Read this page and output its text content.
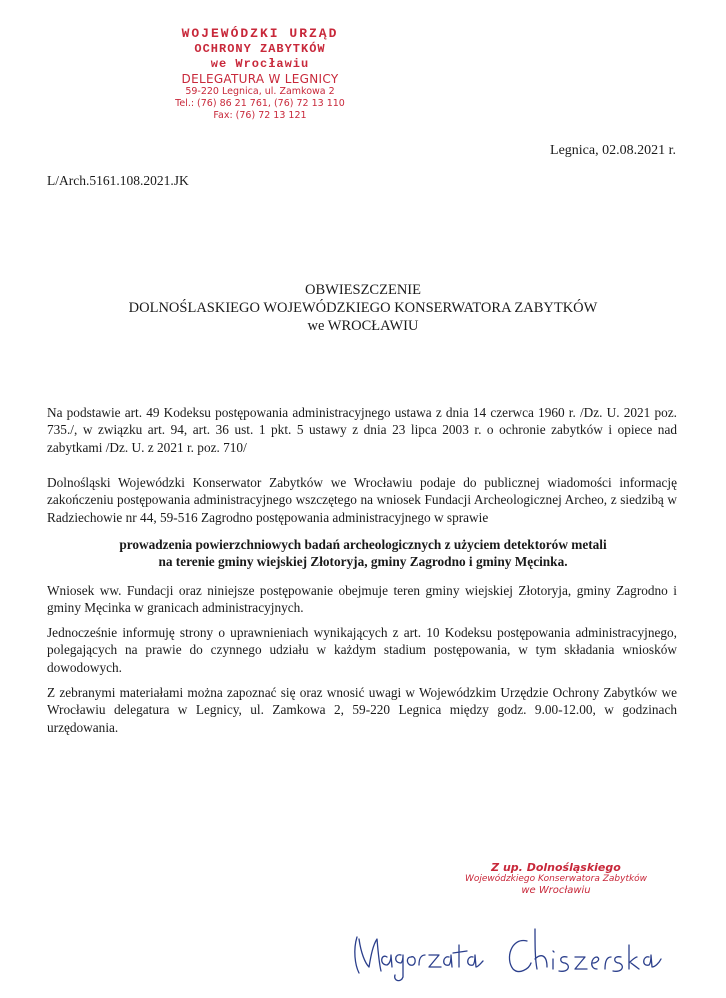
WOJEWÓDZKI URZĄD
OCHRONY ZABYTKÓW
we Wrocławiu
DELEGATURA W LEGNICY
59-220 Legnica, ul. Zamkowa 2
Tel.: (76) 86 21 761, (76) 72 13 110
Fax: (76) 72 13 121
Legnica, 02.08.2021 r.
L/Arch.5161.108.2021.JK
OBWIESZCZENIE
DOLNOŚLASKIEGO WOJEWÓDZKIEGO KONSERWATORA ZABYTKÓW
we WROCŁAWIU
Na podstawie art. 49 Kodeksu postępowania administracyjnego ustawa z dnia 14 czerwca 1960 r. /Dz. U. 2021 poz. 735./, w związku art. 94, art. 36 ust. 1 pkt. 5 ustawy z dnia 23 lipca 2003 r. o ochronie zabytków i opiece nad zabytkami /Dz. U. z 2021 r. poz. 710/
Dolnośląski Wojewódzki Konserwator Zabytków we Wrocławiu podaje do publicznej wiadomości informację zakończeniu postępowania administracyjnego wszczętego na wniosek Fundacji Archeologicznej Archeo, z siedzibą w Radziechowie nr 44, 59-516 Zagrodno postępowania administracyjnego w sprawie
prowadzenia powierzchniowych badań archeologicznych z użyciem detektorów metali
na terenie gminy wiejskiej Złotoryja, gminy Zagrodno i gminy Męcinka.
Wniosek ww. Fundacji oraz niniejsze postępowanie obejmuje teren gminy wiejskiej Złotoryja, gminy Zagrodno i gminy Męcinka w granicach administracyjnych.
Jednocześnie informuję strony o uprawnieniach wynikających z art. 10 Kodeksu postępowania administracyjnego, polegających na prawie do czynnego udziału w każdym stadium postępowania, w tym składania wniosków dowodowych.
Z zebranymi materiałami można zapoznać się oraz wnosić uwagi w Wojewódzkim Urzędzie Ochrony Zabytków we Wrocławiu delegatura w Legnicy, ul. Zamkowa 2, 59-220 Legnica między godz. 9.00-12.00, w godzinach urzędowania.
Z up. Dolnośląskiego
Wojewódzkiego Konserwatora Zabytków
we Wrocławiu
